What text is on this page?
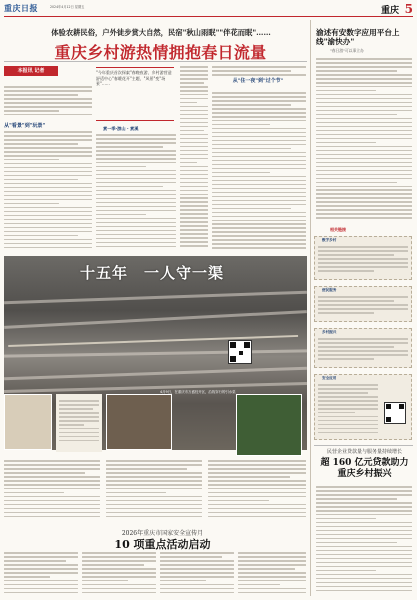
重庆日报	2024年4月12日 星期五	重庆 5
体验农耕民俗，户外徒步赏大自然，民宿"秋山雨眠""伴花而眠"……
重庆乡村游热情拥抱春日流量
本报讯 记者
从"看景"到"玩景"
"今年重庆首次探索"春晚夜游，乡村游营造舒适中心"春暖花开"主题，"风景"变"场景"……
赏一季·游山 · 赏溪
从"住一夜"到"过个节"
十五年　一人守一渠
4月9日，在重庆市万盛经开区，沿线穿行的引水渠
2026年重庆市国家安全宣传月
10 项重点活动启动
渝述有安数字应用平台上线"渝快办"
"春日游"可以事立办
相关链接
数字乡村
便民服务
乡村振兴
安全应用
民营企业贷款量与服务量持续增长
超 160 亿元贷款助力重庆乡村振兴
